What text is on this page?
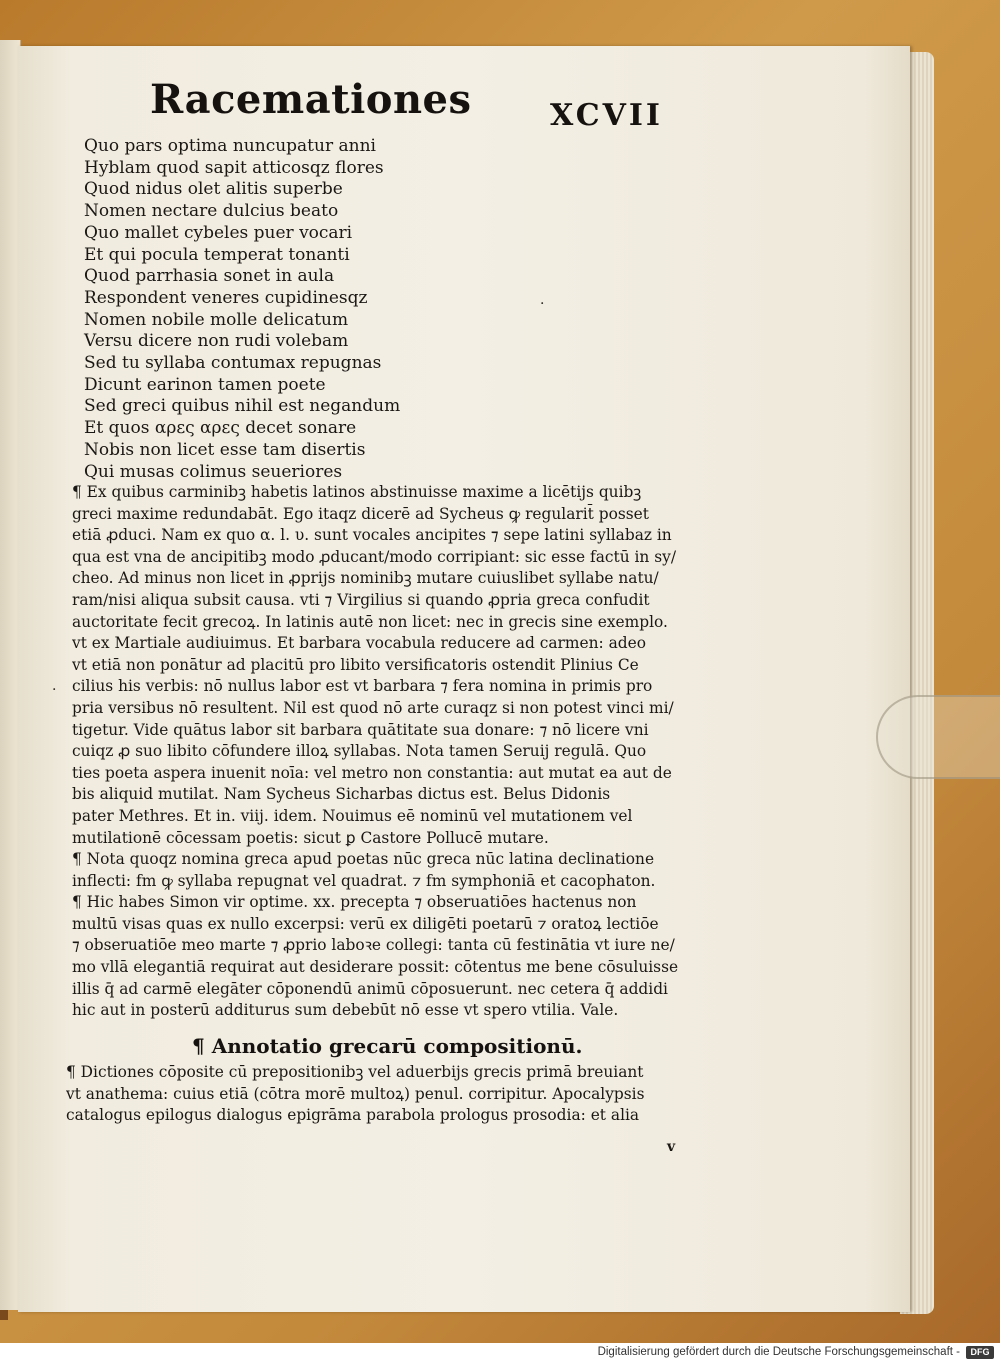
Racemationes	XCVII
Quo pars optima nuncupatur anni
Hyblam quod sapit atticosqz flores
Quod nidus olet alitis superbe
Nomen nectare dulcius beato
Quo mallet cybeles puer vocari
Et qui pocula temperat tonanti
Quod parrhasia sonet in aula
Respondent veneres cupidinesqz
Nomen nobile molle delicatum
Versu dicere non rudi volebam
Sed tu syllaba contumax repugnas
Dicunt earinon tamen poete
Sed greci quibus nihil est negandum
Et quos αρες αρες decet sonare
Nobis non licet esse tam disertis
Qui musas colimus seueriores
¶ Ex quibus carminibꝫ habetis latinos abstinuisse maxime a licētijs quibꝫ
greci maxime redundabāt. Ego itaqz dicerē ad Sycheus ꝙ regularit̄ posset
etiā ꝓduci. Nam ex quo α. l. υ. sunt vocales ancipites ⁊ sepe latini syllabaz in
qua est vna de ancipitibꝫ modo ꝓducant/modo corripiant: sic esse factū in sy/
cheo. Ad minus non licet in ꝓprijs nominibꝫ mutare cuiuslibet syllabe natu/
ram/nisi aliqua subsit causa. vti ⁊ Virgilius si quando ꝓpria greca confudit
auctoritate fecit grecoꝝ. In latinis autē non licet: nec in grecis sine exemplo.
vt ex Martiale audiuimus. Et barbara vocabula reducere ad carmen: adeo
vt etiā non ponātur ad placitū pro libito versificatoris ostendit Plinius Ce
cilius his verbis: nō nullus labor est vt barbara ⁊ fera nomina in primis pro
pria versibus nō resultent. Nil est quod nō arte curaqz si non potest vinci mi/
tigetur. Vide quātus labor sit barbara quātitate sua donare: ⁊ nō licere vni
cuiqz ꝓ suo libito cōfundere illoꝝ syllabas. Nota tamen Seruij regulā. Quo
ties poeta aspera inuenit noīa: vel metro non constantia: aut mutat ea aut de
bis aliquid mutilat. Nam Sycheus Sicharbas dictus est. Belus Didonis
pater Methres. Et in. viij. idem. Nouimus eē nominū vel mutationem vel
mutilationē cōcessam poetis: sicut ꝑ Castore Pollucē mutare.
¶ Nota quoqz nomina greca apud poetas nūc greca nūc latina declinatione
inflecti: fm ꝙ syllaba repugnat vel quadrat. ⁊ fm symphoniā et cacophaton.
¶ Hic habes Simon vir optime. xx. precepta ⁊ obseruatiōes hactenus non
multū visas quas ex nullo excerpsi: verū ex diligēti poetarū ⁊ oratoꝝ lectiōe
⁊ obseruatiōe meo marte ⁊ ꝓprio laboꝛe collegi: tanta cū festinātia vt iure ne/
mo vllā elegantiā requirat aut desiderare possit: cōtentus me bene cōsuluisse
illis q̄ ad carmē elegāter cōponendū animū cōposuerunt. nec cetera q̄ addidi
hic aut in posterū additurus sum debebūt nō esse vt spero vtilia. Vale.
¶ Annotatio grecarū compositionū.
¶ Dictiones cōposite cū prepositionibꝫ vel aduerbijs grecis primā breuiant
vt anathema: cuius etiā (cōtra morē multoꝝ) penul. corripitur. Apocalypsis
catalogus epilogus dialogus epigrāma parabola prologus prosodia: et alia
v
·
·
Digitalisierung gefördert durch die Deutsche Forschungsgemeinschaft -	DFG
